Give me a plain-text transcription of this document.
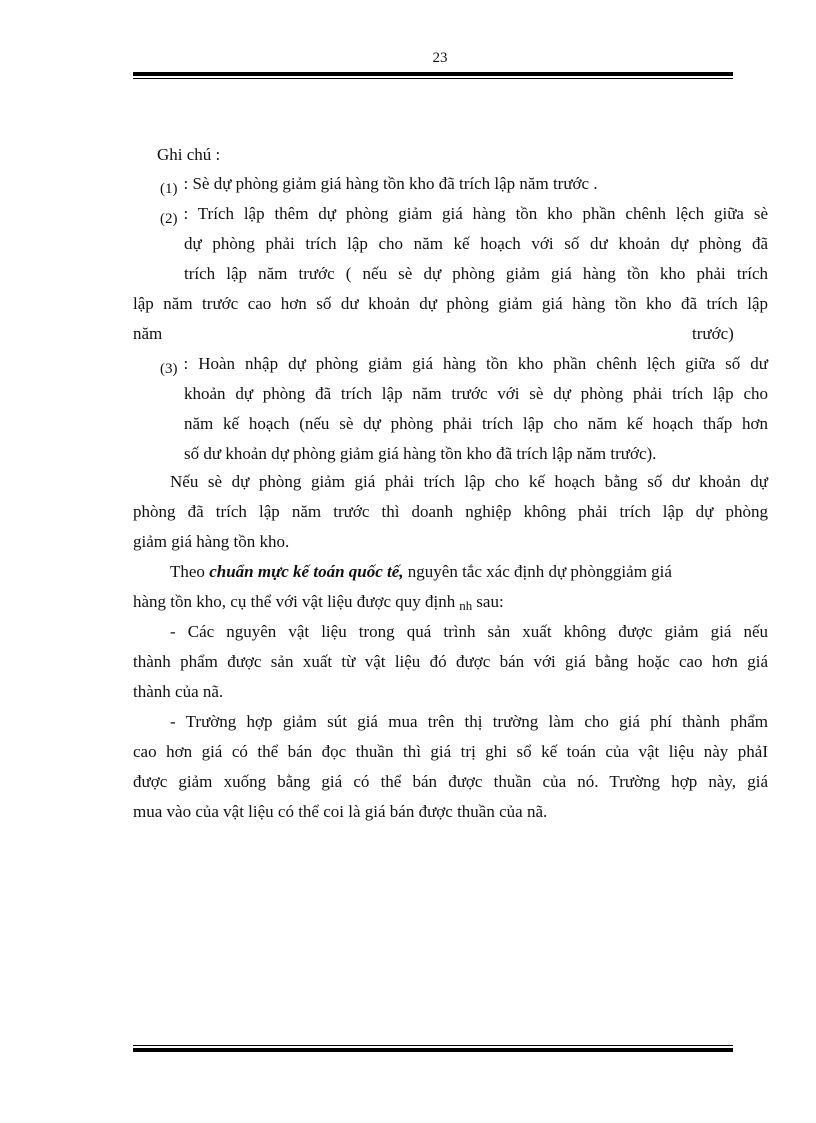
23
Ghi chú :
(1) : Sè dự phòng giảm giá hàng tồn kho đã trích lập năm trước .
(2) : Trích lập thêm dự phòng giảm giá hàng tồn kho phần chênh lệch giữa sè
dự phòng phải trích lập cho năm kế hoạch với số dư khoản dự phòng đã
trích lập năm trước ( nếu sè dự phòng giảm giá hàng tồn kho phải trích
lập năm trước cao hơn số dư khoản dự phòng giảm giá hàng tồn kho đã trích lập
năm	trước)
(3) : Hoàn nhập dự phòng giảm giá hàng tồn kho phần chênh lệch giữa số dư
khoản dự phòng đã trích lập năm trước với sè dự phòng phải trích lập cho
năm kế hoạch (nếu sè dự phòng phải trích lập cho năm kế hoạch thấp hơn
số dư khoản dự phòng giảm giá hàng tồn kho đã trích lập năm trước).
Nếu sè dự phòng giảm giá phải trích lập cho kế hoạch bằng số dư khoản dự
phòng đã trích lập năm trước thì doanh nghiệp không phải trích lập dự phòng
giảm giá hàng tồn kho.
Theo chuẩn mực kế toán quốc tế, nguyên tắc xác định dự phònggiảm giá
hàng tồn kho, cụ thể với vật liệu được quy định nh sau:
- Các nguyên vật liệu trong quá trình sản xuất không được giảm giá nếu
thành phẩm được sản xuất từ vật liệu đó được bán với giá bằng hoặc cao hơn giá
thành của nã.
- Trường hợp giảm sút giá mua trên thị trường làm cho giá phí thành phẩm
cao hơn giá có thể bán đọc thuần thì giá trị ghi sổ kế toán của vật liệu này phảI
được giảm xuống bằng giá có thể bán được thuần của nó. Trường hợp này, giá
mua vào của vật liệu có thể coi là giá bán được thuần của nã.
